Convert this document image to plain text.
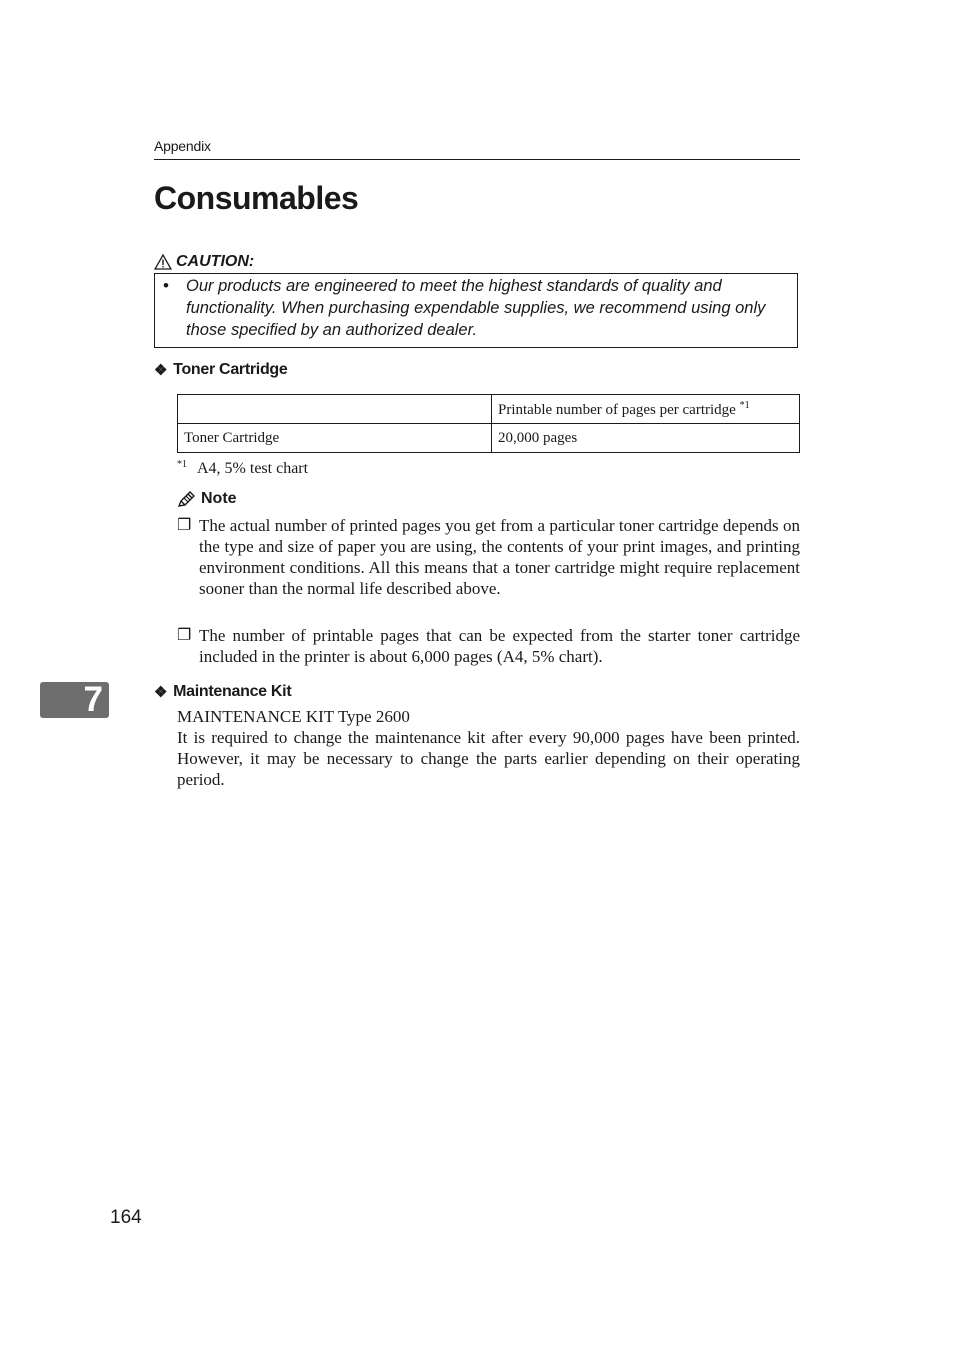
Appendix
Consumables
CAUTION:
• Our products are engineered to meet the highest standards of quality and functionality. When purchasing expendable supplies, we recommend using only those specified by an authorized dealer.
❖ Toner Cartridge
	Printable number of pages per cartridge $^{*1}$
Toner Cartridge	20,000 pages
$^{*1}$ A4, 5% test chart
Note
❐ The actual number of printed pages you get from a particular toner cartridge depends on the type and size of paper you are using, the contents of your print images, and printing environment conditions. All this means that a toner cartridge might require replacement sooner than the normal life described above.
❐ The number of printable pages that can be expected from the starter toner cartridge included in the printer is about 6,000 pages (A4, 5% chart).
7	❖ Maintenance Kit
MAINTENANCE KIT Type 2600
It is required to change the maintenance kit after every 90,000 pages have been printed. However, it may be necessary to change the parts earlier depending on their operating period.
164
